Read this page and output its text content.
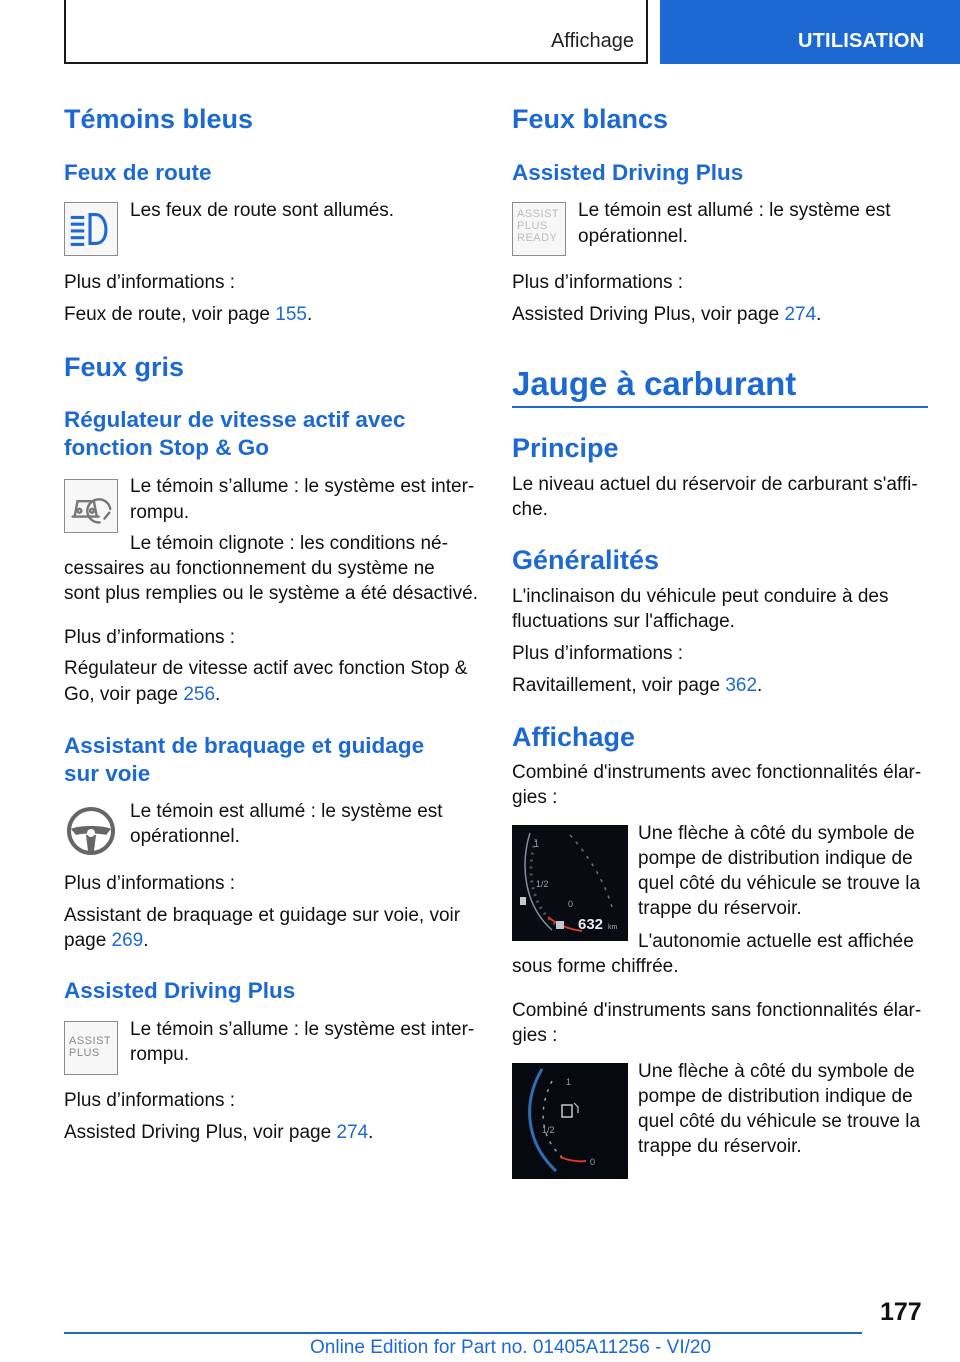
Affichage	UTILISATION
Témoins bleus
Feux de route
Les feux de route sont allumés.
Plus d’informations :
Feux de route, voir page 155.
Feux gris
Régulateur de vitesse actif avec fonction Stop & Go
Le témoin s’allume : le système est inter-
rompu.
Le témoin clignote : les conditions né-
cessaires au fonctionnement du système ne
sont plus remplies ou le système a été désactivé.
Plus d’informations :
Régulateur de vitesse actif avec fonction Stop &
Go, voir page 256.
Assistant de braquage et guidage
sur voie
Le témoin est allumé : le système est
opérationnel.
Plus d’informations :
Assistant de braquage et guidage sur voie, voir
page 269.
Assisted Driving Plus
ASSIST
PLUS
Le témoin s’allume : le système est inter-
rompu.
Plus d’informations :
Assisted Driving Plus, voir page 274.
Feux blancs
Assisted Driving Plus
ASSIST
PLUS
READY
Le témoin est allumé : le système est
opérationnel.
Plus d’informations :
Assisted Driving Plus, voir page 274.
Jauge à carburant
Principe
Le niveau actuel du réservoir de carburant s'affi-
che.
Généralités
L'inclinaison du véhicule peut conduire à des
fluctuations sur l'affichage.
Plus d’informations :
Ravitaillement, voir page 362.
Affichage
Combiné d'instruments avec fonctionnalités élar-
gies :
1
1/2
0
632 km
Une flèche à côté du symbole de
pompe de distribution indique de
quel côté du véhicule se trouve la
trappe du réservoir.
L'autonomie actuelle est affichée
sous forme chiffrée.
Combiné d'instruments sans fonctionnalités élar-
gies :
1
1/2
0
Une flèche à côté du symbole de
pompe de distribution indique de
quel côté du véhicule se trouve la
trappe du réservoir.
177
Online Edition for Part no. 01405A11256 - VI/20
